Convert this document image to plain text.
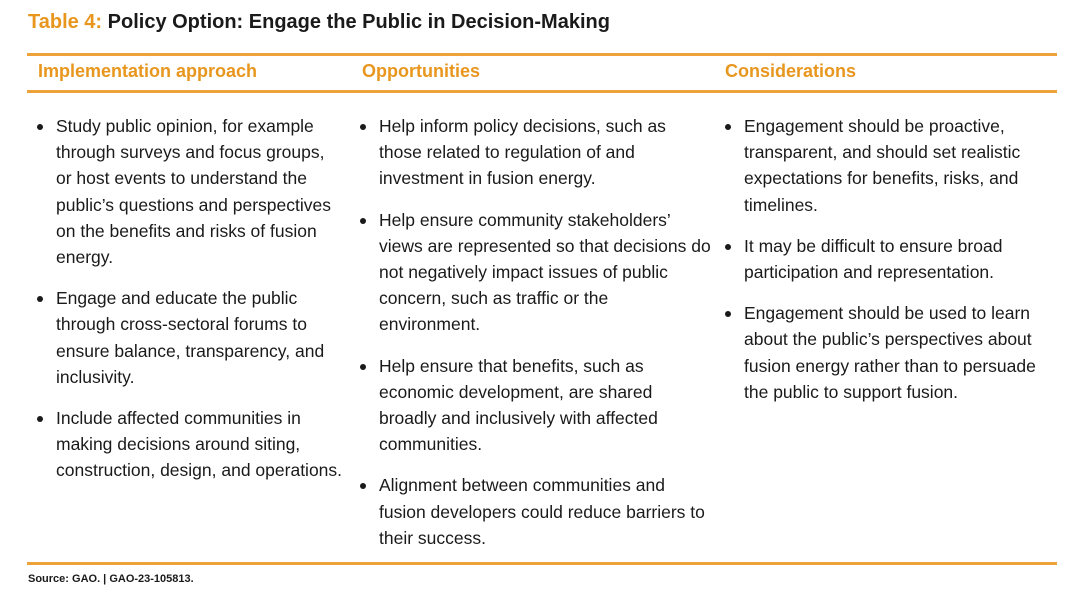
Table 4: Policy Option: Engage the Public in Decision-Making
Implementation approach	Opportunities	Considerations
Study public opinion, for example through surveys and focus groups, or host events to understand the public’s questions and perspectives on the benefits and risks of fusion energy.
Engage and educate the public through cross-sectoral forums to ensure balance, transparency, and inclusivity.
Include affected communities in making decisions around siting, construction, design, and operations.
Help inform policy decisions, such as those related to regulation of and investment in fusion energy.
Help ensure community stakeholders’ views are represented so that decisions do not negatively impact issues of public concern, such as traffic or the environment.
Help ensure that benefits, such as economic development, are shared broadly and inclusively with affected communities.
Alignment between communities and fusion developers could reduce barriers to their success.
Engagement should be proactive, transparent, and should set realistic expectations for benefits, risks, and timelines.
It may be difficult to ensure broad participation and representation.
Engagement should be used to learn about the public’s perspectives about fusion energy rather than to persuade the public to support fusion.
Source: GAO. | GAO-23-105813.
